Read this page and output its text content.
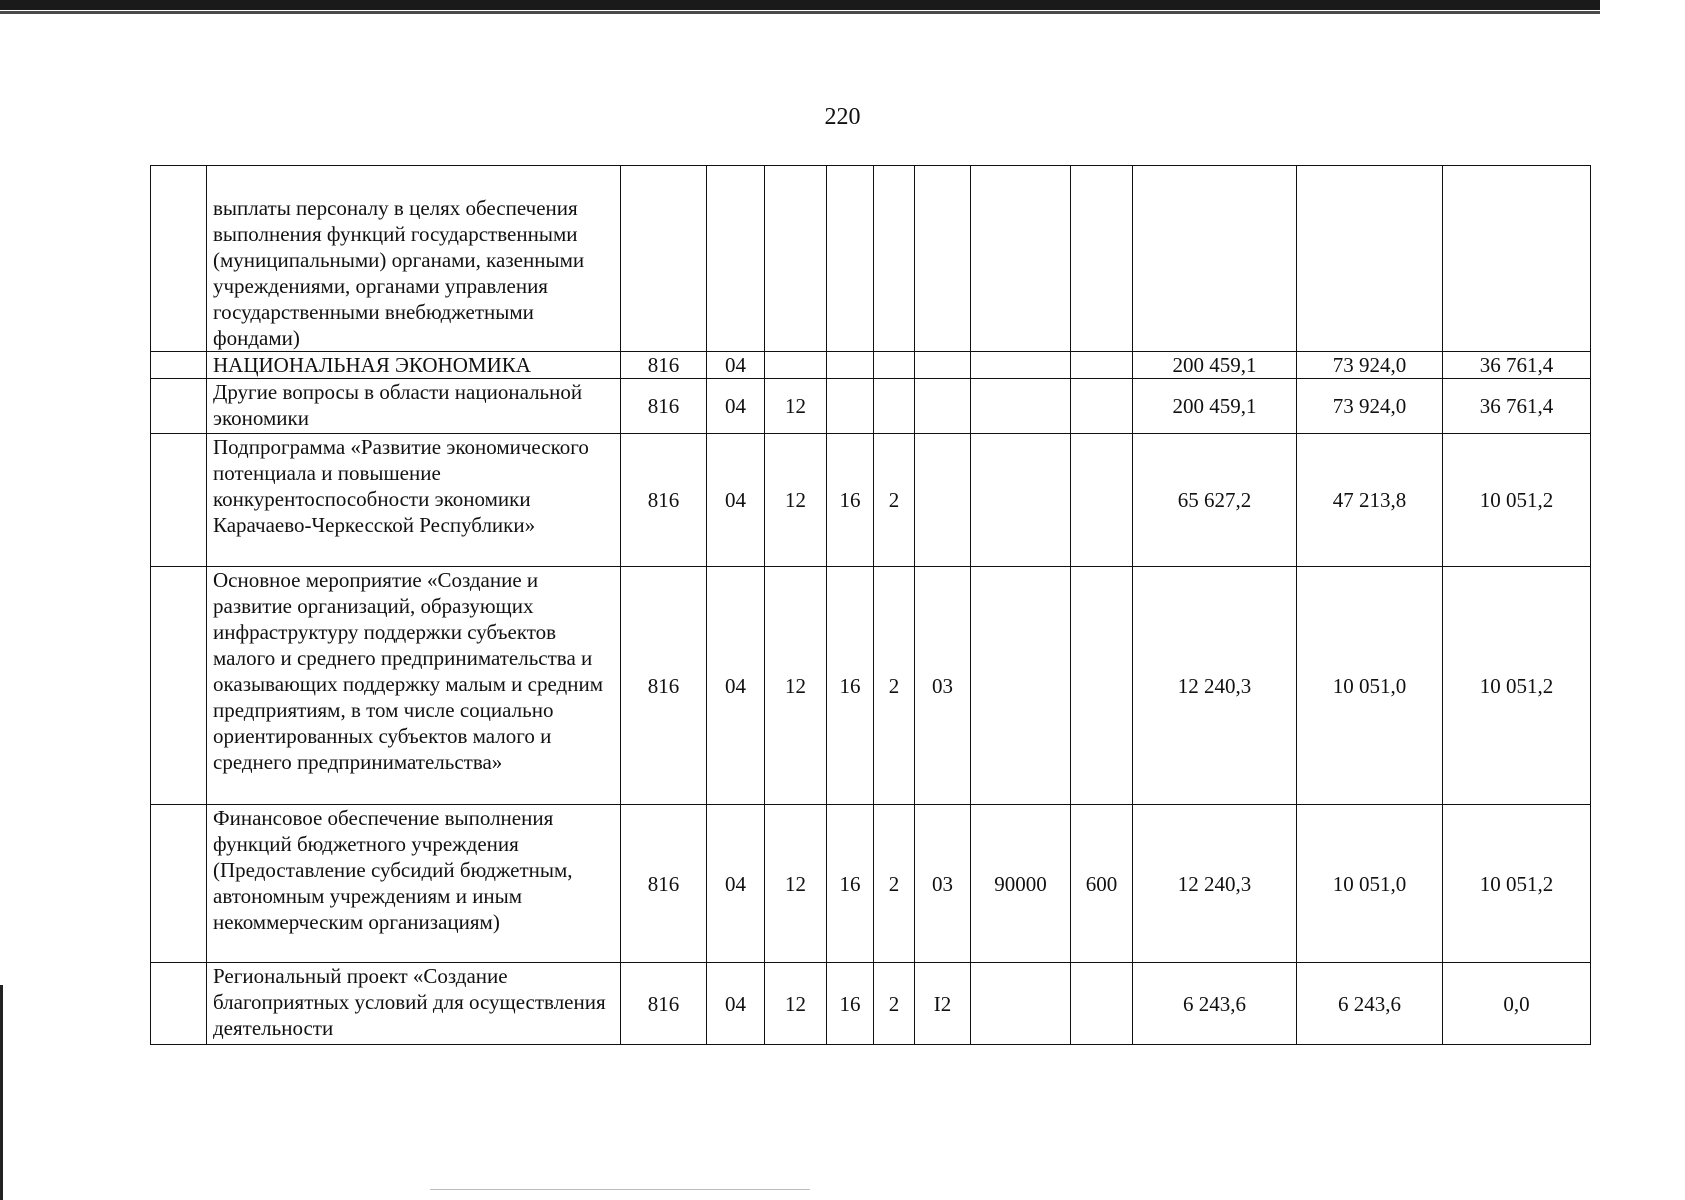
220
	выплаты персоналу в целях обеспечения выполнения функций государственными (муниципальными) органами, казенными учреждениями, органами управления государственными внебюджетными фондами)											
	НАЦИОНАЛЬНАЯ ЭКОНОМИКА	816	04							200 459,1	73 924,0	36 761,4
	Другие вопросы в области национальной экономики	816	04	12						200 459,1	73 924,0	36 761,4
	Подпрограмма «Развитие экономического потенциала и повышение конкурентоспособности экономики Карачаево-Черкесской Республики»	816	04	12	16	2				65 627,2	47 213,8	10 051,2
	Основное мероприятие «Создание и развитие организаций, образующих инфраструктуру поддержки субъектов малого и среднего предпринимательства и оказывающих поддержку малым и средним предприятиям, в том числе социально ориентированных субъектов малого и среднего предпринимательства»	816	04	12	16	2	03			12 240,3	10 051,0	10 051,2
	Финансовое обеспечение выполнения функций бюджетного учреждения (Предоставление субсидий бюджетным, автономным учреждениям и иным некоммерческим организациям)	816	04	12	16	2	03	90000	600	12 240,3	10 051,0	10 051,2
	Региональный проект «Создание благоприятных условий для осуществления деятельности	816	04	12	16	2	I2			6 243,6	6 243,6	0,0
